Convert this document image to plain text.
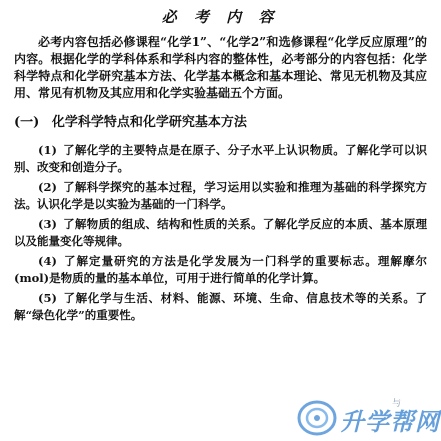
必 考 内 容

必考内容包括必修课程“化学1”、“化学2”和选修课程“化学反应原理”的内容。根据化学的学科体系和学科内容的整体性，必考部分的内容包括：化学科学特点和化学研究基本方法、化学基本概念和基本理论、常见无机物及其应用、常见有机物及其应用和化学实验基础五个方面。

(一) 化学科学特点和化学研究基本方法

(1) 了解化学的主要特点是在原子、分子水平上认识物质。了解化学可以识别、改变和创造分子。

(2) 了解科学探究的基本过程，学习运用以实验和推理为基础的科学探究方法。认识化学是以实验为基础的一门科学。

(3) 了解物质的组成、结构和性质的关系。了解化学反应的本质、基本原理以及能量变化等规律。

(4) 了解定量研究的方法是化学发展为一门科学的重要标志。理解摩尔(mol)是物质的量的基本单位，可用于进行简单的化学计算。

(5) 了解化学与生活、材料、能源、环境、生命、信息技术等的关系。了解“绿色化学”的重要性。

与
升学帮网
